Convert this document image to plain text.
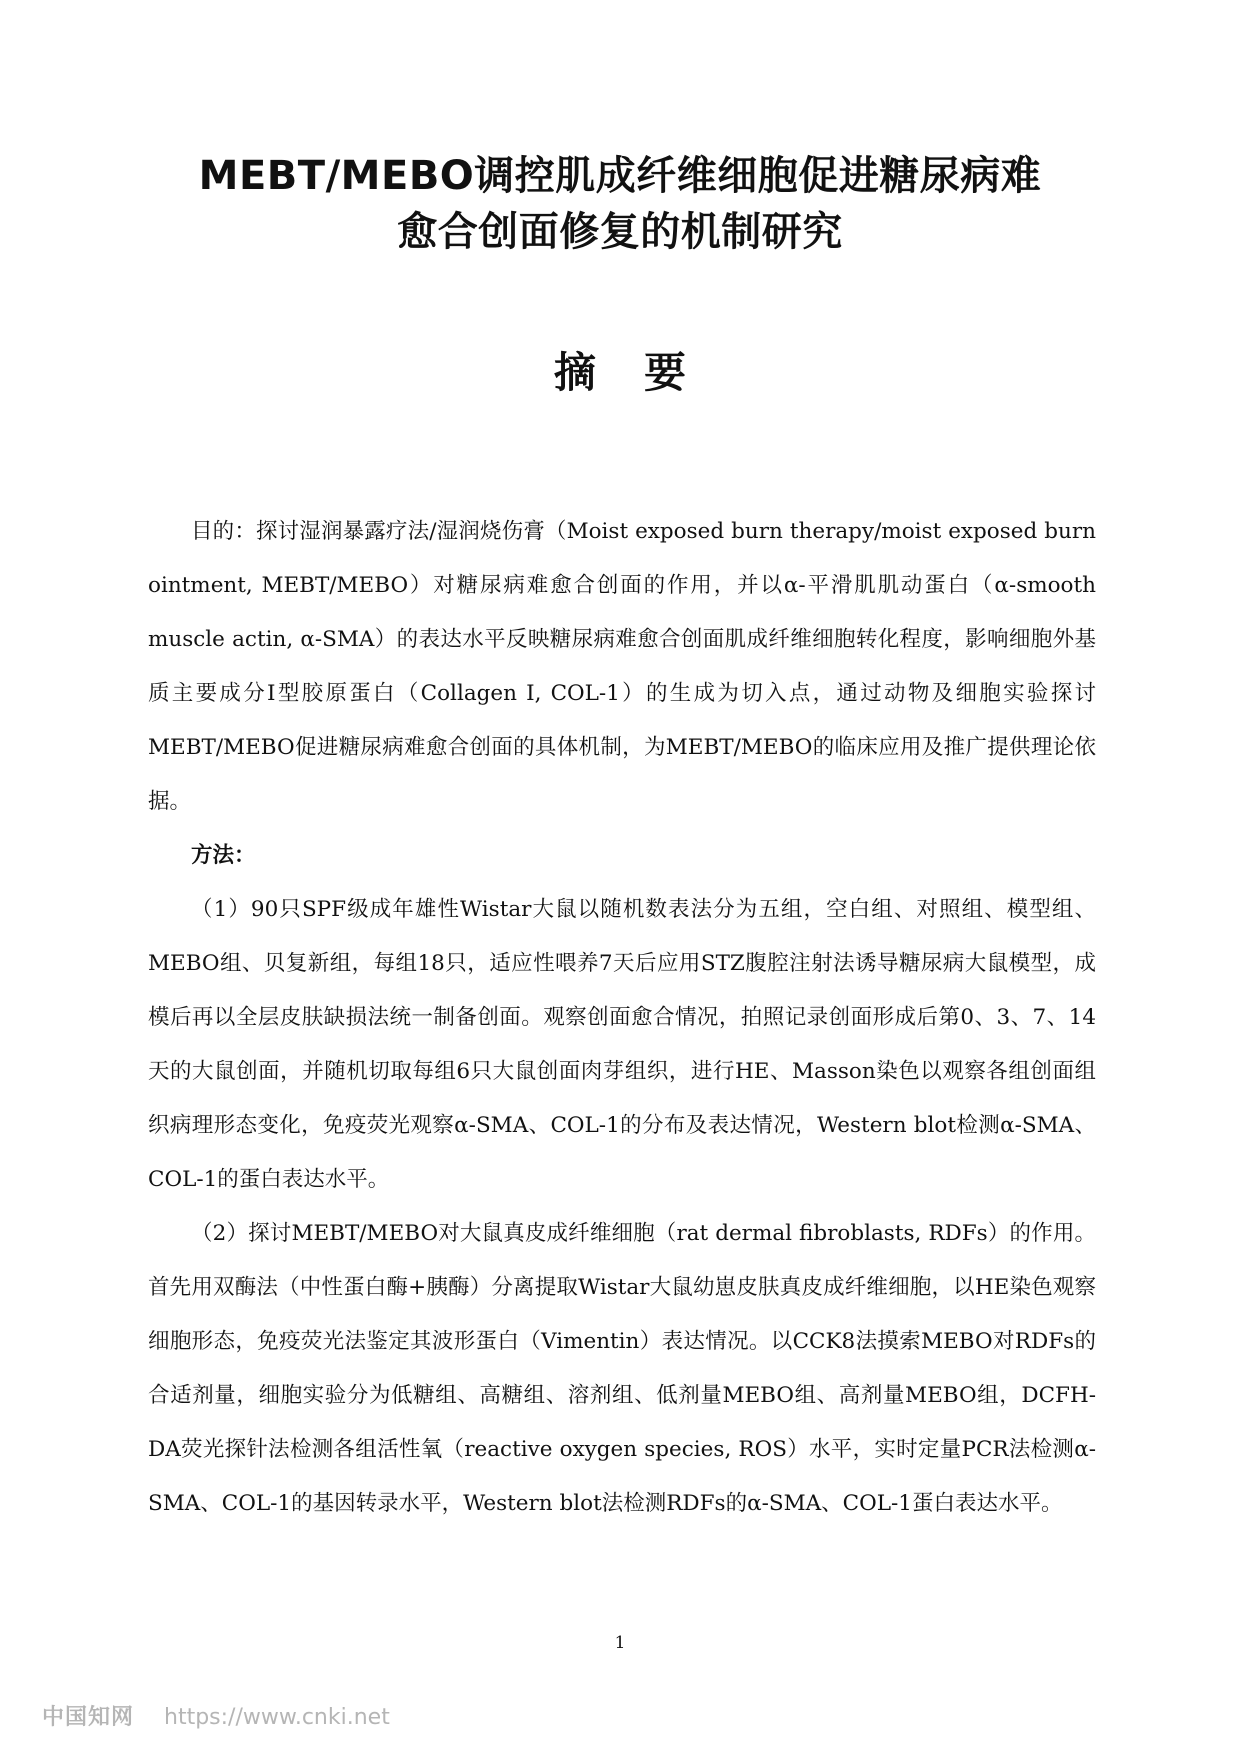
MEBT/MEBO调控肌成纤维细胞促进糖尿病难
愈合创面修复的机制研究
摘 要

目的：探讨湿润暴露疗法/湿润烧伤膏（Moist exposed burn therapy/moist exposed burn ointment, MEBT/MEBO）对糖尿病难愈合创面的作用，并以α-平滑肌肌动蛋白（α-smooth muscle actin, α-SMA）的表达水平反映糖尿病难愈合创面肌成纤维细胞转化程度，影响细胞外基质主要成分Ⅰ型胶原蛋白（Collagen I, COL-1）的生成为切入点，通过动物及细胞实验探讨MEBT/MEBO促进糖尿病难愈合创面的具体机制，为MEBT/MEBO的临床应用及推广提供理论依据。

方法：

（1）90只SPF级成年雄性Wistar大鼠以随机数表法分为五组，空白组、对照组、模型组、MEBO组、贝复新组，每组18只，适应性喂养7天后应用STZ腹腔注射法诱导糖尿病大鼠模型，成模后再以全层皮肤缺损法统一制备创面。观察创面愈合情况，拍照记录创面形成后第0、3、7、14天的大鼠创面，并随机切取每组6只大鼠创面肉芽组织，进行HE、Masson染色以观察各组创面组织病理形态变化，免疫荧光观察α-SMA、COL-1的分布及表达情况，Western blot检测α-SMA、COL-1的蛋白表达水平。

（2）探讨MEBT/MEBO对大鼠真皮成纤维细胞（rat dermal fibroblasts, RDFs）的作用。首先用双酶法（中性蛋白酶+胰酶）分离提取Wistar大鼠幼崽皮肤真皮成纤维细胞，以HE染色观察细胞形态，免疫荧光法鉴定其波形蛋白（Vimentin）表达情况。以CCK8法摸索MEBO对RDFs的合适剂量，细胞实验分为低糖组、高糖组、溶剂组、低剂量MEBO组、高剂量MEBO组，DCFH-DA荧光探针法检测各组活性氧（reactive oxygen species, ROS）水平，实时定量PCR法检测α-SMA、COL-1的基因转录水平，Western blot法检测RDFs的α-SMA、COL-1蛋白表达水平。

1
中国知网 https://www.cnki.net
